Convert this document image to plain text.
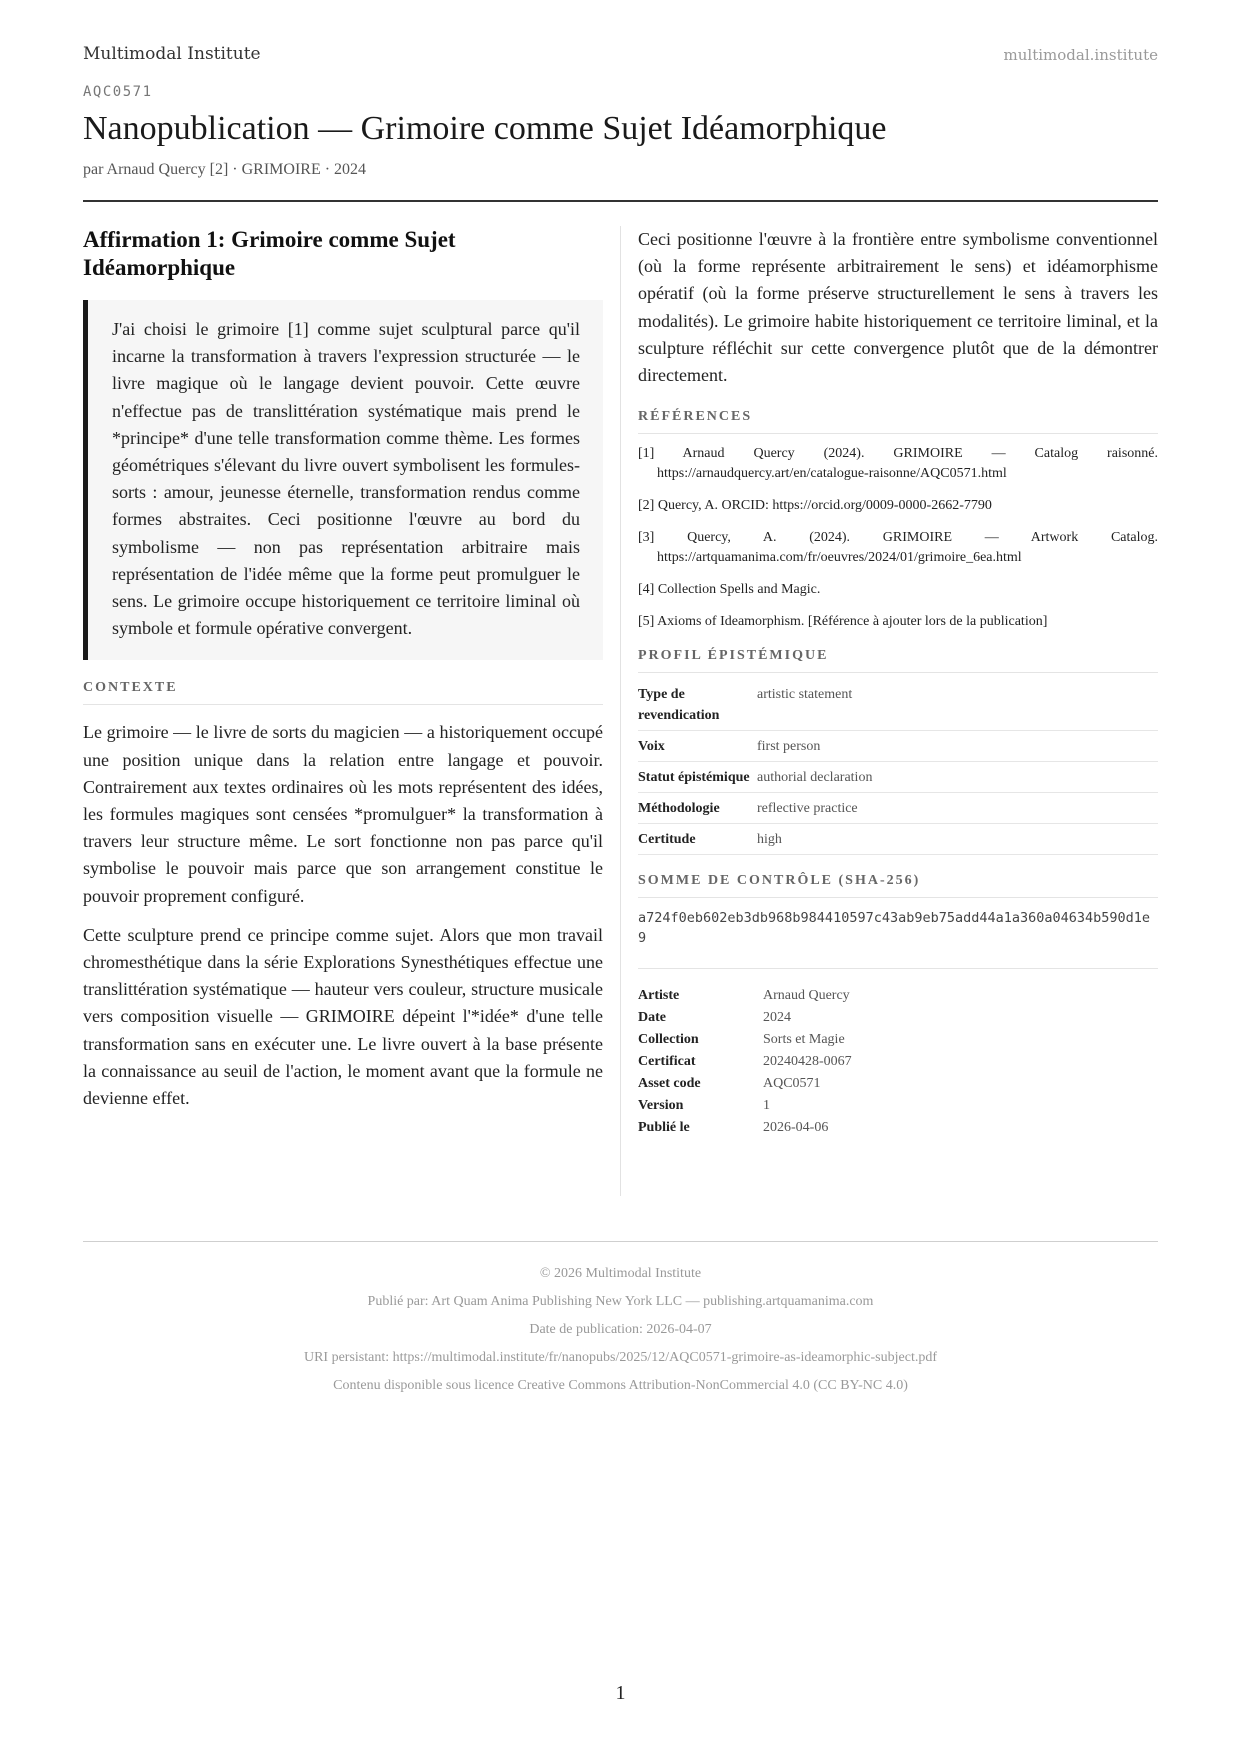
Multimodal Institute	multimodal.institute
AQC0571
Nanopublication — Grimoire comme Sujet Idéamorphique
par Arnaud Quercy [2] · GRIMOIRE · 2024
Affirmation 1: Grimoire comme Sujet Idéamorphique
J'ai choisi le grimoire [1] comme sujet sculptural parce qu'il incarne la transformation à travers l'expression structurée — le livre magique où le langage devient pouvoir. Cette œuvre n'effectue pas de translittération systématique mais prend le *principe* d'une telle transformation comme thème. Les formes géométriques s'élevant du livre ouvert symbolisent les formules-sorts : amour, jeunesse éternelle, transformation rendus comme formes abstraites. Ceci positionne l'œuvre au bord du symbolisme — non pas représentation arbitraire mais représentation de l'idée même que la forme peut promulguer le sens. Le grimoire occupe historiquement ce territoire liminal où symbole et formule opérative convergent.
CONTEXTE

Le grimoire — le livre de sorts du magicien — a historiquement occupé une position unique dans la relation entre langage et pouvoir. Contrairement aux textes ordinaires où les mots représentent des idées, les formules magiques sont censées *promulguer* la transformation à travers leur structure même. Le sort fonctionne non pas parce qu'il symbolise le pouvoir mais parce que son arrangement constitue le pouvoir proprement configuré.

Cette sculpture prend ce principe comme sujet. Alors que mon travail chromesthétique dans la série Explorations Synesthétiques effectue une translittération systématique — hauteur vers couleur, structure musicale vers composition visuelle — GRIMOIRE dépeint l'*idée* d'une telle transformation sans en exécuter une. Le livre ouvert à la base présente la connaissance au seuil de l'action, le moment avant que la formule ne devienne effet.

Ceci positionne l'œuvre à la frontière entre symbolisme conventionnel (où la forme représente arbitrairement le sens) et idéamorphisme opératif (où la forme préserve structurellement le sens à travers les modalités). Le grimoire habite historiquement ce territoire liminal, et la sculpture réfléchit sur cette convergence plutôt que de la démontrer directement.

RÉFÉRENCES
[1] Arnaud Quercy (2024). GRIMOIRE — Catalog raisonné. https://arnaudquercy.art/en/catalogue-raisonne/AQC0571.html
[2] Quercy, A. ORCID: https://orcid.org/0009-0000-2662-7790
[3] Quercy, A. (2024). GRIMOIRE — Artwork Catalog. https://artquamanima.com/fr/oeuvres/2024/01/grimoire_6ea.html
[4] Collection Spells and Magic.
[5] Axioms of Ideamorphism. [Référence à ajouter lors de la publication]
PROFIL ÉPISTÉMIQUE
Type de revendication	artistic statement
Voix	first person
Statut épistémique	authorial declaration
Méthodologie	reflective practice
Certitude	high
SOMME DE CONTRÔLE (SHA-256)
a724f0eb602eb3db968b984410597c43ab9eb75add44a1a360a04634b590d1e9
Artiste	Arnaud Quercy
Date	2024
Collection	Sorts et Magie
Certificat	20240428-0067
Asset code	AQC0571
Version	1
Publié le	2026-04-06
© 2026 Multimodal Institute
Publié par: Art Quam Anima Publishing New York LLC — publishing.artquamanima.com
Date de publication: 2026-04-07
URI persistant: https://multimodal.institute/fr/nanopubs/2025/12/AQC0571-grimoire-as-ideamorphic-subject.pdf
Contenu disponible sous licence Creative Commons Attribution-NonCommercial 4.0 (CC BY-NC 4.0)
1
